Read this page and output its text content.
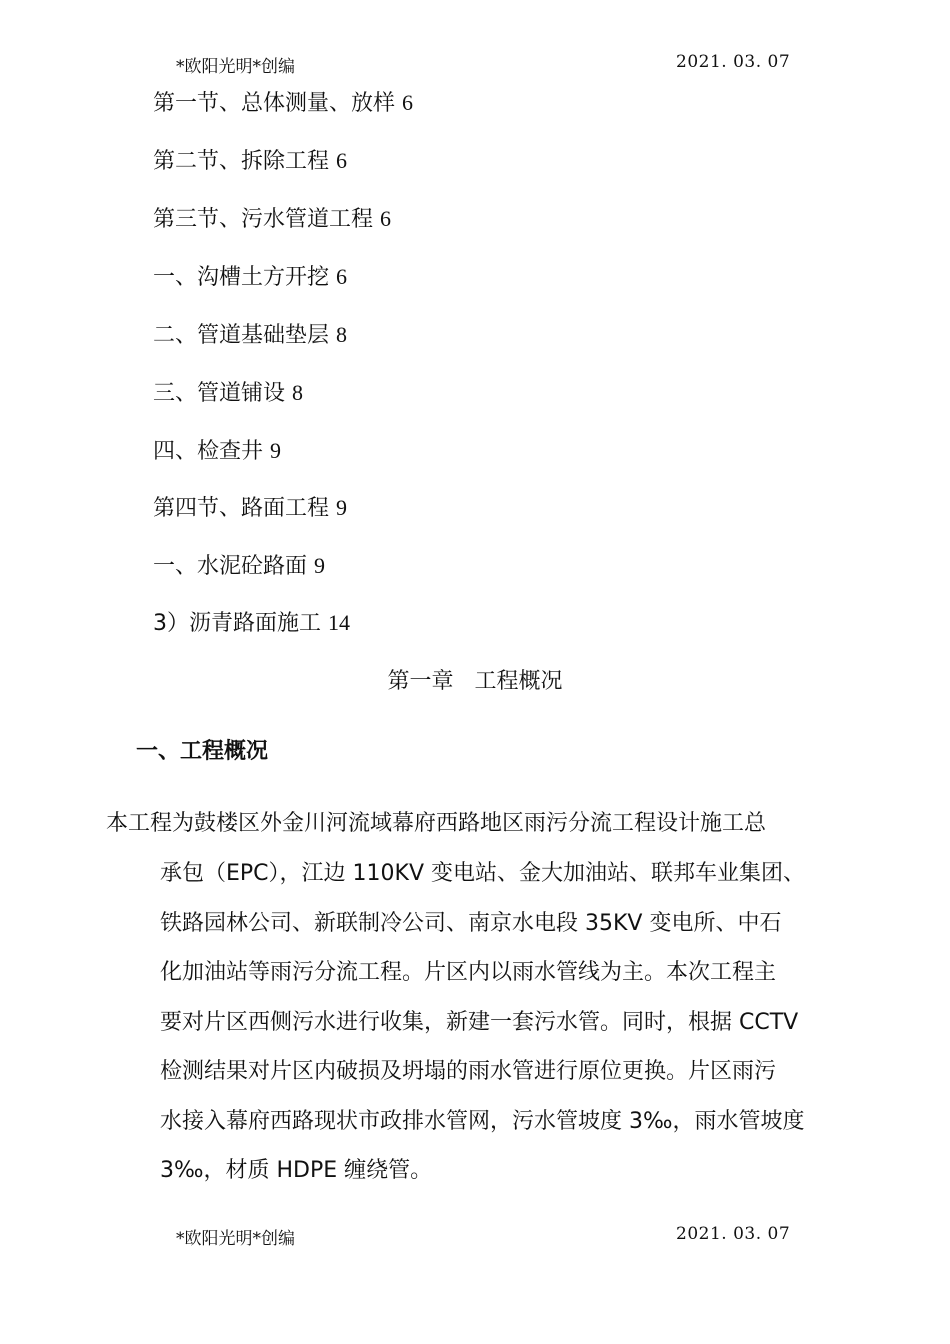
*欧阳光明*创编	2021. 03. 07
第一节、总体测量、放样 6
第二节、拆除工程 6
第三节、污水管道工程 6
一、沟槽土方开挖 6
二、管道基础垫层 8
三、管道铺设 8
四、检查井 9
第四节、路面工程 9
一、水泥砼路面 9
3）沥青路面施工 14
第一章   工程概况
一、工程概况
本工程为鼓楼区外金川河流域幕府西路地区雨污分流工程设计施工总
承包（EPC），江边 110KV 变电站、金大加油站、联邦车业集团、
铁路园林公司、新联制冷公司、南京水电段 35KV 变电所、中石
化加油站等雨污分流工程。片区内以雨水管线为主。本次工程主
要对片区西侧污水进行收集，新建一套污水管。同时，根据 CCTV
检测结果对片区内破损及坍塌的雨水管进行原位更换。片区雨污
水接入幕府西路现状市政排水管网，污水管坡度 3‰，雨水管坡度
3‰，材质 HDPE 缠绕管。
*欧阳光明*创编	2021. 03. 07
